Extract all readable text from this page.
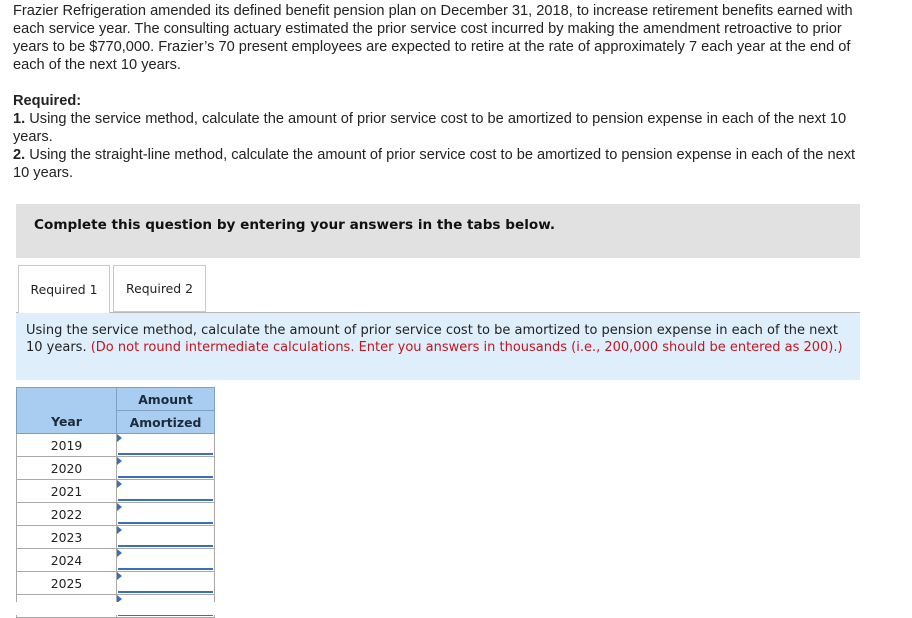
Frazier Refrigeration amended its defined benefit pension plan on December 31, 2018, to increase retirement benefits earned with each service year. The consulting actuary estimated the prior service cost incurred by making the amendment retroactive to prior years to be $770,000. Frazier’s 70 present employees are expected to retire at the rate of approximately 7 each year at the end of each of the next 10 years.

Required:

1. Using the service method, calculate the amount of prior service cost to be amortized to pension expense in each of the next 10 years.

2. Using the straight-line method, calculate the amount of prior service cost to be amortized to pension expense in each of the next 10 years.

Complete this question by entering your answers in the tabs below.
Required 1	Required 2
Using the service method, calculate the amount of prior service cost to be amortized to pension expense in each of the next 10 years. (Do not round intermediate calculations. Enter you answers in thousands (i.e., 200,000 should be entered as 200).)
	Amount
Year	Amortized
2019	

2020	

2021	

2022	

2023	

2024	

2025	
